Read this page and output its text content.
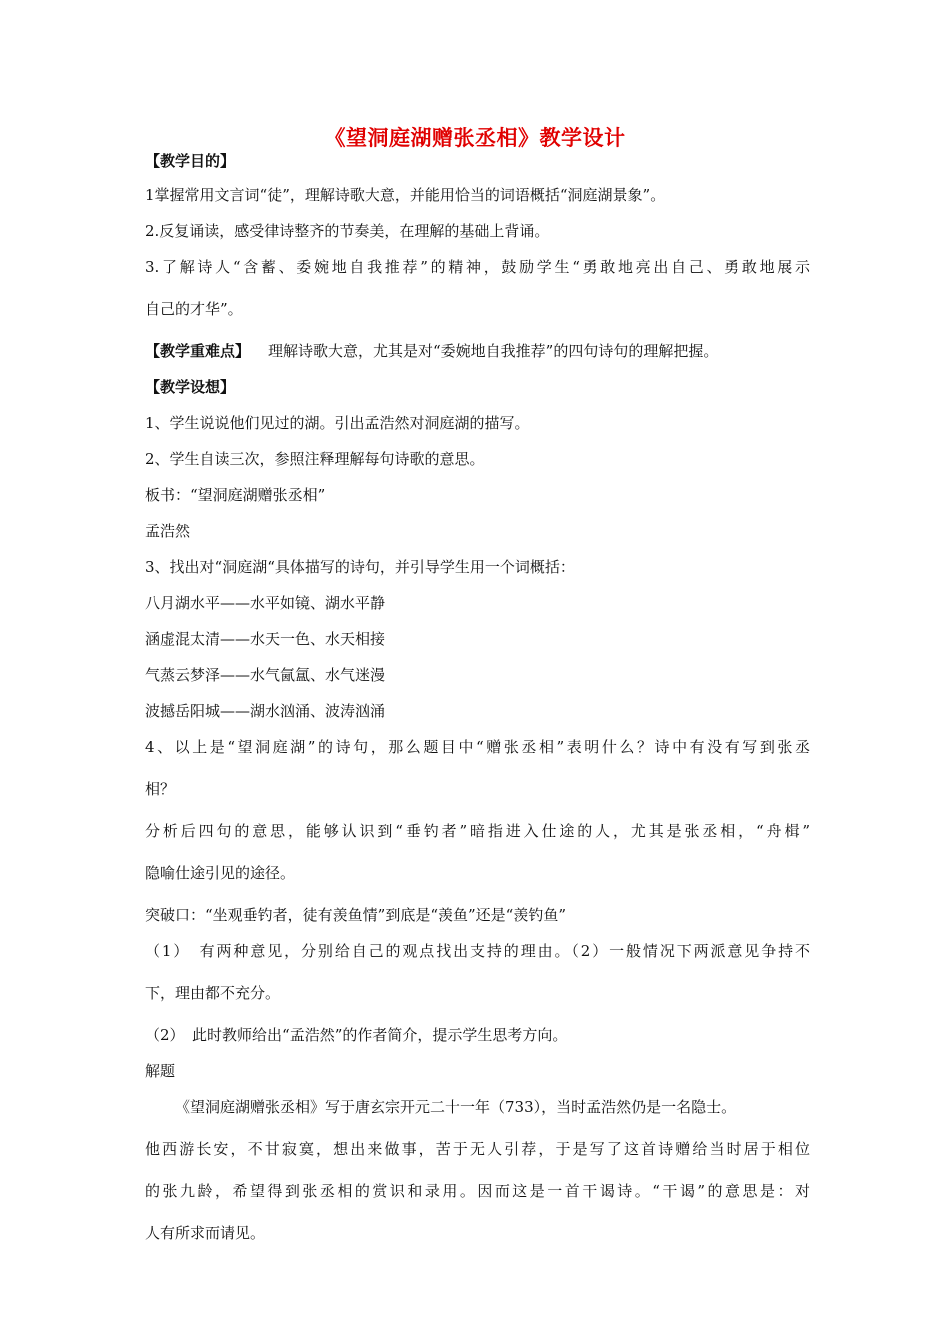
《望洞庭湖赠张丞相》教学设计
【教学目的】
1掌握常用文言词“徒”，理解诗歌大意，并能用恰当的词语概括“洞庭湖景象”。
2.反复诵读，感受律诗整齐的节奏美，在理解的基础上背诵。
3.了解诗人“含蓄、委婉地自我推荐”的精神，鼓励学生“勇敢地亮出自己、勇敢地展示
自己的才华”。
【教学重难点】 理解诗歌大意，尤其是对“委婉地自我推荐”的四句诗句的理解把握。
【教学设想】
1、学生说说他们见过的湖。引出孟浩然对洞庭湖的描写。
2、学生自读三次，参照注释理解每句诗歌的意思。
板书：“望洞庭湖赠张丞相”
孟浩然
3、找出对“洞庭湖“具体描写的诗句，并引导学生用一个词概括：
八月湖水平——水平如镜、湖水平静
涵虚混太清——水天一色、水天相接
气蒸云梦泽——水气氤氲、水气迷漫
波撼岳阳城——湖水汹涌、波涛汹涌
4、以上是“望洞庭湖”的诗句，那么题目中“赠张丞相”表明什么？诗中有没有写到张丞
相？
分析后四句的意思，能够认识到“垂钓者”暗指进入仕途的人，尤其是张丞相，“舟楫”
隐喻仕途引见的途径。
突破口：“坐观垂钓者，徒有羡鱼情”到底是“羡鱼”还是“羡钓鱼”
（1）　有两种意见，分别给自己的观点找出支持的理由。（2）一般情况下两派意见争持不
下，理由都不充分。
（2）　此时教师给出“孟浩然”的作者简介，提示学生思考方向。
解题
《望洞庭湖赠张丞相》写于唐玄宗开元二十一年（733），当时孟浩然仍是一名隐士。
他西游长安，不甘寂寞，想出来做事，苦于无人引荐，于是写了这首诗赠给当时居于相位
的张九龄，希望得到张丞相的赏识和录用。因而这是一首干谒诗。“干谒”的意思是：对
人有所求而请见。
